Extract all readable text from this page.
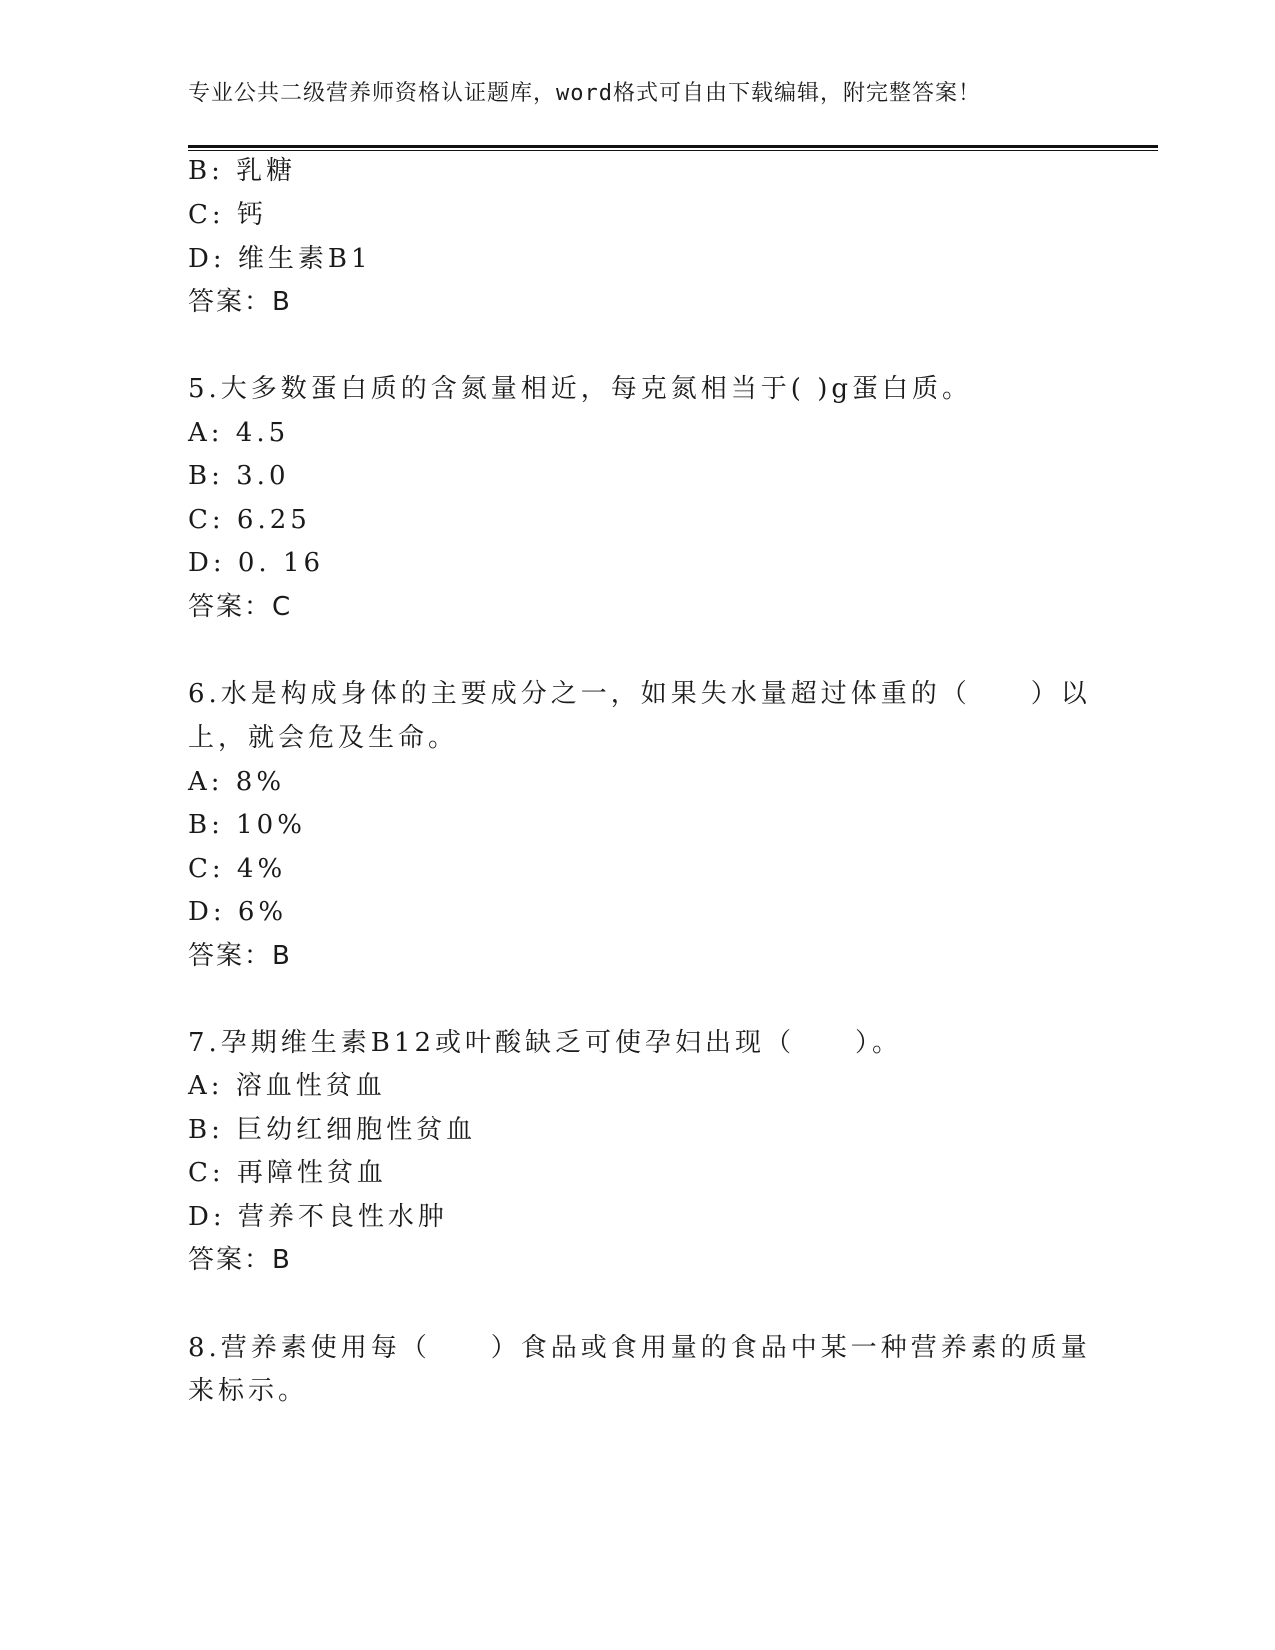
专业公共二级营养师资格认证题库，word格式可自由下载编辑，附完整答案！
B: 乳糖
C: 钙
D: 维生素B1
答案：B
5.大多数蛋白质的含氮量相近，每克氮相当于( )g蛋白质。
A: 4.5
B: 3.0
C: 6.25
D: 0. 16
答案：C
6.水是构成身体的主要成分之一，如果失水量超过体重的（　　）以
上，就会危及生命。
A: 8%
B: 10%
C: 4%
D: 6%
答案：B
7.孕期维生素B12或叶酸缺乏可使孕妇出现（　　）。
A: 溶血性贫血
B: 巨幼红细胞性贫血
C: 再障性贫血
D: 营养不良性水肿
答案：B
8.营养素使用每（　　）食品或食用量的食品中某一种营养素的质量
来标示。
